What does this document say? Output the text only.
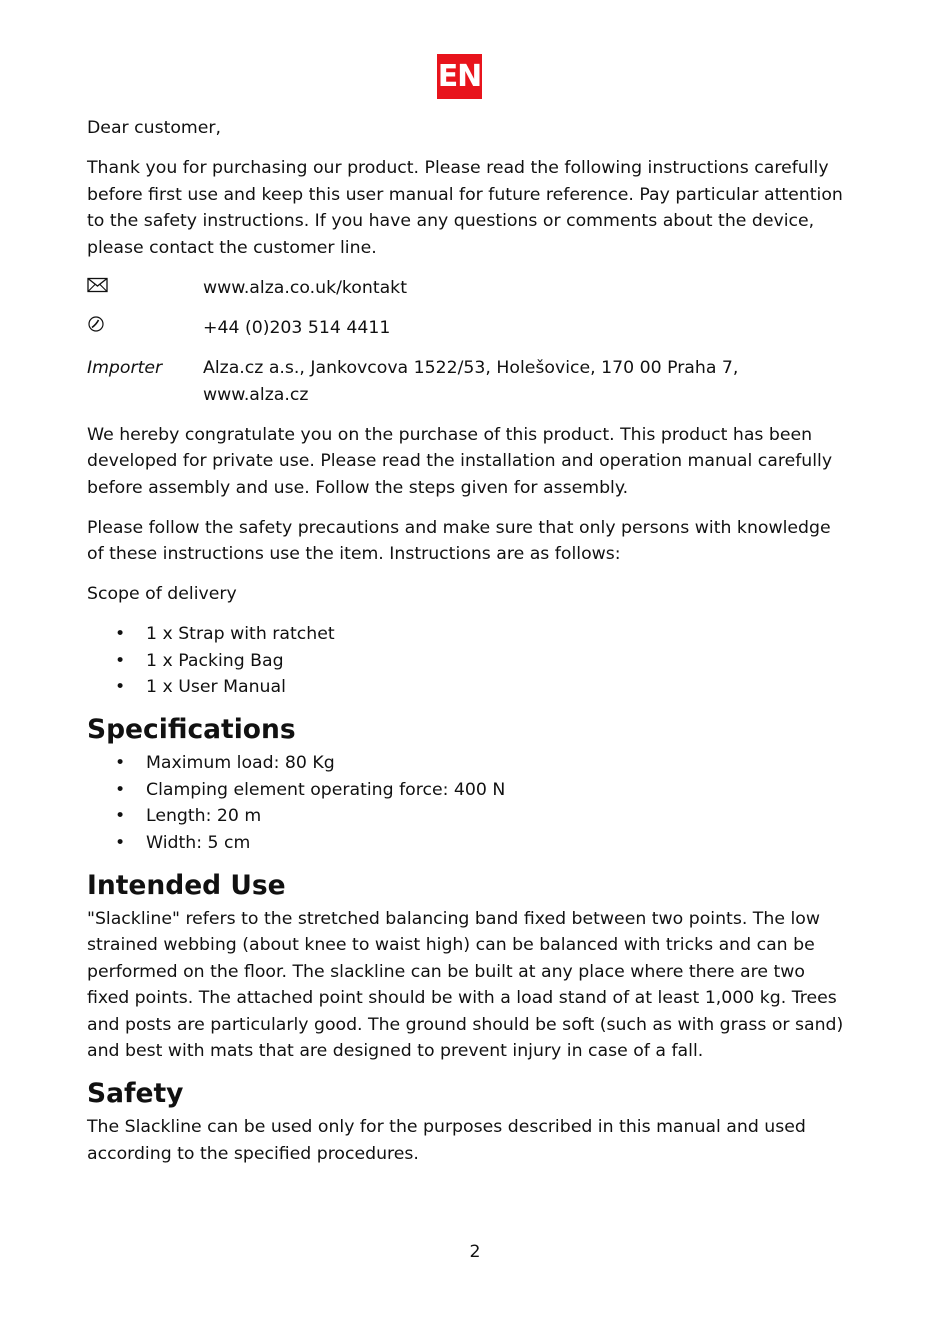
EN

Dear customer,

Thank you for purchasing our product. Please read the following instructions carefully before first use and keep this user manual for future reference. Pay particular attention to the safety instructions. If you have any questions or comments about the device, please contact the customer line.

www.alza.co.uk/kontakt
+44 (0)203 514 4411
Importer	Alza.cz a.s., Jankovcova 1522/53, Holešovice, 170 00 Praha 7, www.alza.cz

We hereby congratulate you on the purchase of this product. This product has been developed for private use. Please read the installation and operation manual carefully before assembly and use. Follow the steps given for assembly.

Please follow the safety precautions and make sure that only persons with knowledge of these instructions use the item. Instructions are as follows:

Scope of delivery

• 1 x Strap with ratchet
• 1 x Packing Bag
• 1 x User Manual
Specifications
• Maximum load: 80 Kg
• Clamping element operating force: 400 N
• Length: 20 m
• Width: 5 cm
Intended Use

"Slackline" refers to the stretched balancing band fixed between two points. The low strained webbing (about knee to waist high) can be balanced with tricks and can be performed on the floor. The slackline can be built at any place where there are two fixed points. The attached point should be with a load stand of at least 1,000 kg. Trees and posts are particularly good. The ground should be soft (such as with grass or sand) and best with mats that are designed to prevent injury in case of a fall.

Safety

The Slackline can be used only for the purposes described in this manual and used according to the specified procedures.

2
